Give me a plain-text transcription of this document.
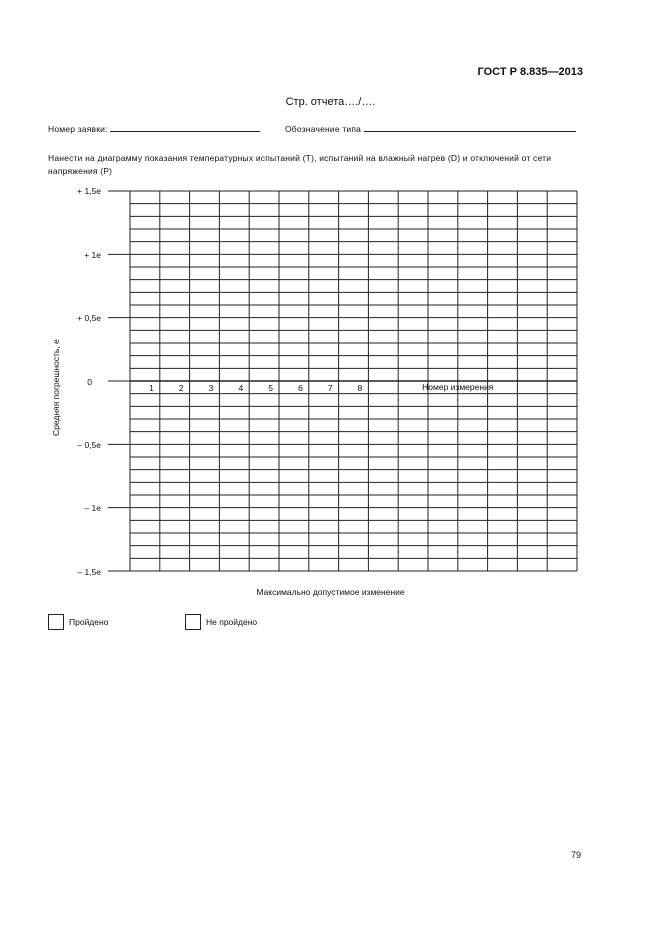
ГОСТ Р 8.835—2013
Стр. отчета…./….
Номер заявки:	Обозначение типа
Нанести на диаграмму показания температурных испытаний (T), испытаний на влажный нагрев (D) и отключений от сети напряжения (P)
+ 1,5e
+ 1e
+ 0,5e
0
– 0,5e
– 1e
– 1,5e
Средняя погрешность, e	1	2	3	4	5	6	7	8	Номер измерения
Максимально допустимое изменение
Пройдено	Не пройдено
79
